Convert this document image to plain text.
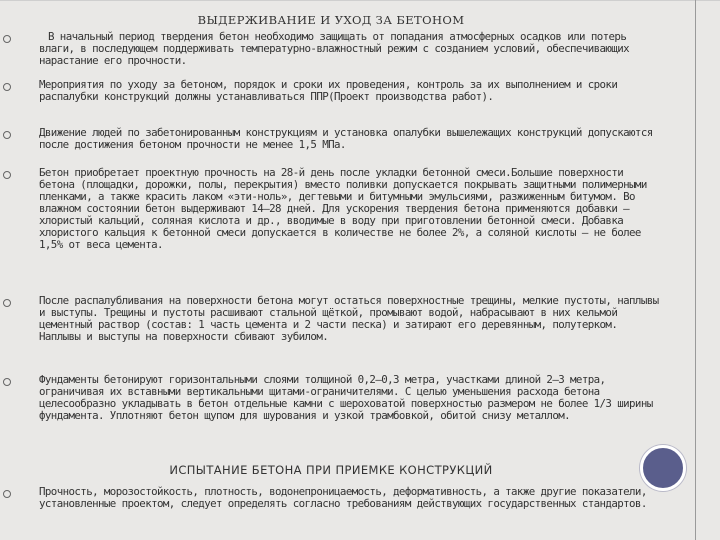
ВЫДЕРЖИВАНИЕ И УХОД ЗА БЕТОНОМ

В начальный период твердения бетон необходимо защищать от попадания атмосферных осадков или потерь влаги, в последующем поддерживать температурно-влажностный режим с созданием условий, обеспечивающих нарастание его прочности.

Мероприятия по уходу за бетоном, порядок и сроки их проведения, контроль за их выполнением и сроки распалубки конструкций должны устанавливаться ППР(Проект производства работ).

Движение людей по забетонированным конструкциям и установка опалубки вышележащих конструкций допускаются после достижения бетоном прочности не менее 1,5 МПа.

Бетон приобретает проектную прочность на 28-й день после укладки бетонной смеси.Большие поверхности бетона (площадки, дорожки, полы, перекрытия) вместо поливки допускается покрывать защитными полимерными пленками, а также красить лаком «эти-ноль», дегтевыми и битумными эмульсиями, разжиженным битумом. Во влажном состоянии бетон выдерживают 14—28 дней. Для ускорения твердения бетона применяются добавки — хлористый кальций, соляная кислота и др., вводимые в воду при приготовлении бетонной смеси. Добавка хлористого кальция к бетонной смеси допускается в количестве не более 2%, а соляной кислоты — не более 1,5% от веса цемента.

После распалубливания на поверхности бетона могут остаться поверхностные трещины, мелкие пустоты, наплывы и выступы. Трещины и пустоты расшивают стальной щёткой, промывают водой, набрасывают в них кельмой цементный раствор (состав: 1 часть цемента и 2 части песка) и затирают его деревянным, полутерком. Наплывы и выступы на поверхности сбивают зубилом.

Фундаменты бетонируют горизонтальными слоями толщиной 0,2—0,3 метра, участками длиной 2—3 метра, ограничивая их вставными вертикальными щитами-ограничителями. С целью уменьшения расхода бетона целесообразно укладывать в бетон отдельные камни с шероховатой поверхностью размером не более 1/3 ширины фундамента. Уплотняют бетон щупом для шурования и узкой трамбовкой, обитой снизу металлом.

ИСПЫТАНИЕ БЕТОНА ПРИ ПРИЕМКЕ КОНСТРУКЦИЙ

Прочность, морозостойкость, плотность, водонепроницаемость, деформативность, а также другие показатели, установленные проектом, следует определять согласно требованиям действующих государственных стандартов.
